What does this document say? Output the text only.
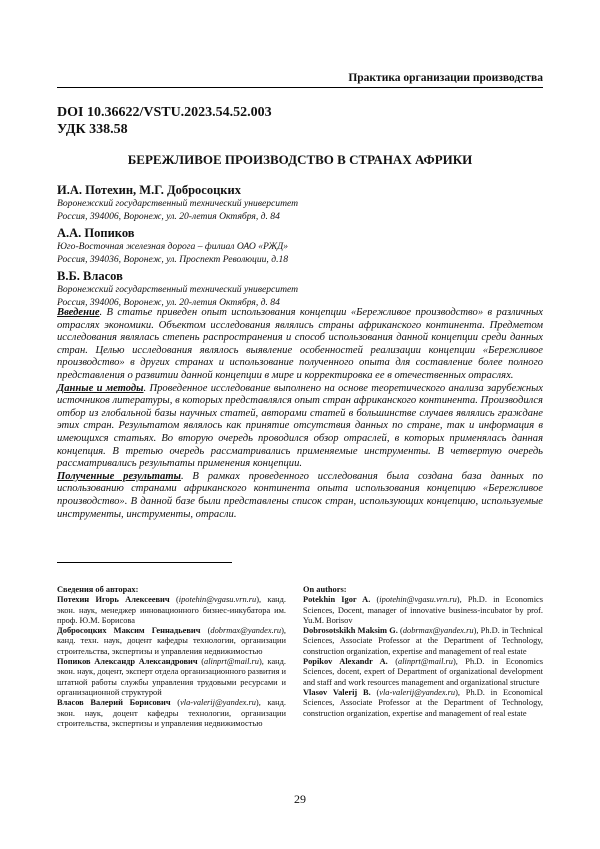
Практика организации производства
DOI 10.36622/VSTU.2023.54.52.003
УДК 338.58
БЕРЕЖЛИВОЕ ПРОИЗВОДСТВО В СТРАНАХ АФРИКИ
И.А. Потехин, М.Г. Добросоцких
Воронежский государственный технический университет
Россия, 394006, Воронеж, ул. 20-летия Октября, д. 84
А.А. Попиков
Юго-Восточная железная дорога – филиал ОАО «РЖД»
Россия, 394036, Воронеж, ул. Проспект Революции, д.18
В.Б. Власов
Воронежский государственный технический университет
Россия, 394006, Воронеж, ул. 20-летия Октября, д. 84

Введение. В статье приведен опыт использования концепции «Бережливое производство» в различных отраслях экономики. Объектом исследования являлись страны африканского континента. Предметом исследования являлась степень распространения и способ использования данной концепции среди данных стран. Целью исследования являлось выявление особенностей реализации концепции «Бережливое производство» в других странах и использование полученного опыта для составление более полного представления о развитии данной концепции в мире и корректировка ее в отечественных отраслях.

Данные и методы. Проведенное исследование выполнено на основе теоретического анализа зарубежных источников литературы, в которых представлялся опыт стран африканского континента. Производился отбор из глобальной базы научных статей, авторами статей в большинстве случаев являлись граждане этих стран. Результатом являлось как принятие отсутствия данных по стране, так и информация в имеющихся статьях. Во вторую очередь проводился обзор отраслей, в которых применялась данная концепция. В третью очередь рассматривались применяемые инструменты. В четвертую очередь рассматривались результаты применения концепции.

Полученные результаты. В рамках проведенного исследования была создана база данных по использованию странами африканского континента опыта использования концепцию «Бережливое производство». В данной базе были представлены список стран, использующих концепцию, используемые инструменты, инструменты, отрасли.

Сведения об авторах:

Потехин Игорь Алексеевич (ipotehin@vgasu.vrn.ru), канд. экон. наук, менеджер инновационного бизнес-инкубатора им. проф. Ю.М. Борисова

Добросоцких Максим Геннадьевич (dobrmax@yandex.ru), канд. техн. наук, доцент кафедры технологии, организации строительства, экспертизы и управления недвижимостью

Попиков Александр Александрович (alinprt@mail.ru), канд. экон. наук, доцент, эксперт отдела организационного развития и штатной работы службы управления трудовыми ресурсами и организационной структурой

Власов Валерий Борисович (vla-valerij@yandex.ru), канд. экон. наук, доцент кафедры технологии, организации строительства, экспертизы и управления недвижимостью

On authors:

Potekhin Igor A. (ipotehin@vgasu.vrn.ru), Ph.D. in Economics Sciences, Docent, manager of innovative business-incubator by prof. Yu.M. Borisov

Dobrosotskikh Maksim G. (dobrmax@yandex.ru), Ph.D. in Technical Sciences, Associate Professor at the Department of Technology, construction organization, expertise and management of real estate

Popikov Alexandr A. (alinprt@mail.ru), Ph.D. in Economics Sciences, docent, expert of Department of organizational development and staff and work resources management and organizational structure

Vlasov Valerij B. (vla-valerij@yandex.ru), Ph.D. in Economical Sciences, Associate Professor at the Department of Technology, construction organization, expertise and management of real estate

29
